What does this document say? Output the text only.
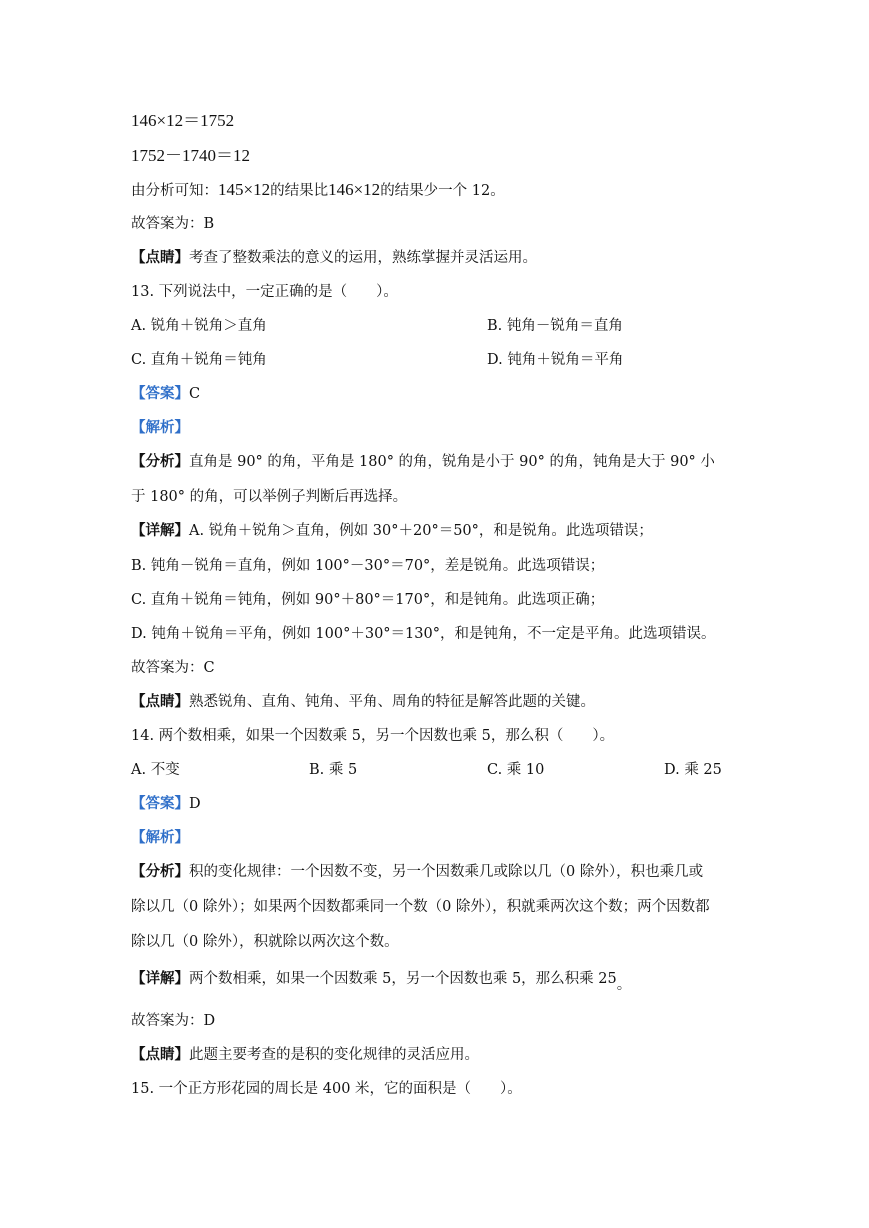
146×12＝1752
1752－1740＝12
由分析可知：145×12的结果比146×12的结果少一个 12。
故答案为：B
【点睛】考查了整数乘法的意义的运用，熟练掌握并灵活运用。
13. 下列说法中，一定正确的是（　　）。
A. 锐角＋锐角＞直角	B. 钝角－锐角＝直角
C. 直角＋锐角＝钝角	D. 钝角＋锐角＝平角
【答案】C
【解析】
【分析】直角是 90° 的角，平角是 180° 的角，锐角是小于 90° 的角，钝角是大于 90° 小
于 180° 的角，可以举例子判断后再选择。
【详解】A. 锐角＋锐角＞直角，例如 30°＋20°＝50°，和是锐角。此选项错误；
B. 钝角－锐角＝直角，例如 100°－30°＝70°，差是锐角。此选项错误；
C. 直角＋锐角＝钝角，例如 90°＋80°＝170°，和是钝角。此选项正确；
D. 钝角＋锐角＝平角，例如 100°＋30°＝130°，和是钝角，不一定是平角。此选项错误。
故答案为：C
【点睛】熟悉锐角、直角、钝角、平角、周角的特征是解答此题的关键。
14. 两个数相乘，如果一个因数乘 5，另一个因数也乘 5，那么积（　　）。
A. 不变	B. 乘 5	C. 乘 10	D. 乘 25
【答案】D
【解析】
【分析】积的变化规律：一个因数不变，另一个因数乘几或除以几（0 除外），积也乘几或
除以几（0 除外）；如果两个因数都乘同一个数（0 除外），积就乘两次这个数；两个因数都
除以几（0 除外），积就除以两次这个数。
【详解】两个数相乘，如果一个因数乘 5，另一个因数也乘 5，那么积乘 25。
故答案为：D
【点睛】此题主要考查的是积的变化规律的灵活应用。
15. 一个正方形花园的周长是 400 米，它的面积是（　　）。
